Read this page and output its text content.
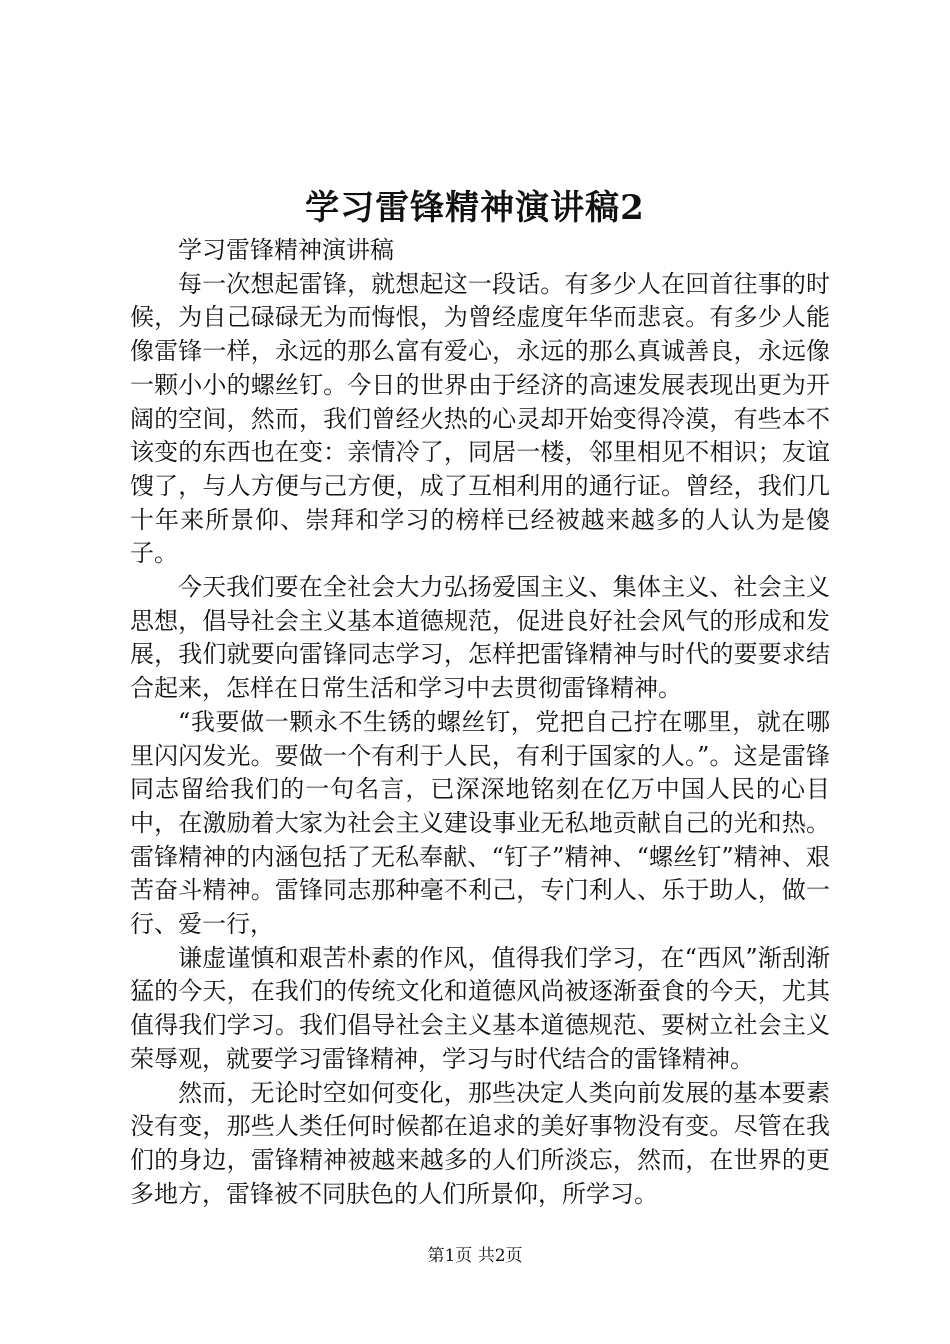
学习雷锋精神演讲稿2

学习雷锋精神演讲稿

每一次想起雷锋，就想起这一段话。有多少人在回首往事的时候，为自己碌碌无为而悔恨，为曾经虚度年华而悲哀。有多少人能像雷锋一样，永远的那么富有爱心，永远的那么真诚善良，永远像一颗小小的螺丝钉。今日的世界由于经济的高速发展表现出更为开阔的空间，然而，我们曾经火热的心灵却开始变得冷漠，有些本不该变的东西也在变：亲情冷了，同居一楼，邻里相见不相识；友谊馊了，与人方便与己方便，成了互相利用的通行证。曾经，我们几十年来所景仰、崇拜和学习的榜样已经被越来越多的人认为是傻子。

今天我们要在全社会大力弘扬爱国主义、集体主义、社会主义思想，倡导社会主义基本道德规范，促进良好社会风气的形成和发展，我们就要向雷锋同志学习，怎样把雷锋精神与时代的要要求结合起来，怎样在日常生活和学习中去贯彻雷锋精神。

“我要做一颗永不生锈的螺丝钉，党把自己拧在哪里，就在哪里闪闪发光。要做一个有利于人民，有利于国家的人。”。这是雷锋同志留给我们的一句名言，已深深地铭刻在亿万中国人民的心目中，在激励着大家为社会主义建设事业无私地贡献自己的光和热。雷锋精神的内涵包括了无私奉献、“钉子”精神、“螺丝钉”精神、艰苦奋斗精神。雷锋同志那种毫不利己，专门利人、乐于助人，做一行、爱一行，

谦虚谨慎和艰苦朴素的作风，值得我们学习，在“西风”渐刮渐猛的今天，在我们的传统文化和道德风尚被逐渐蚕食的今天，尤其值得我们学习。我们倡导社会主义基本道德规范、要树立社会主义荣辱观，就要学习雷锋精神，学习与时代结合的雷锋精神。

然而，无论时空如何变化，那些决定人类向前发展的基本要素没有变，那些人类任何时候都在追求的美好事物没有变。尽管在我们的身边，雷锋精神被越来越多的人们所淡忘，然而，在世界的更多地方，雷锋被不同肤色的人们所景仰，所学习。

第1页 共2页
